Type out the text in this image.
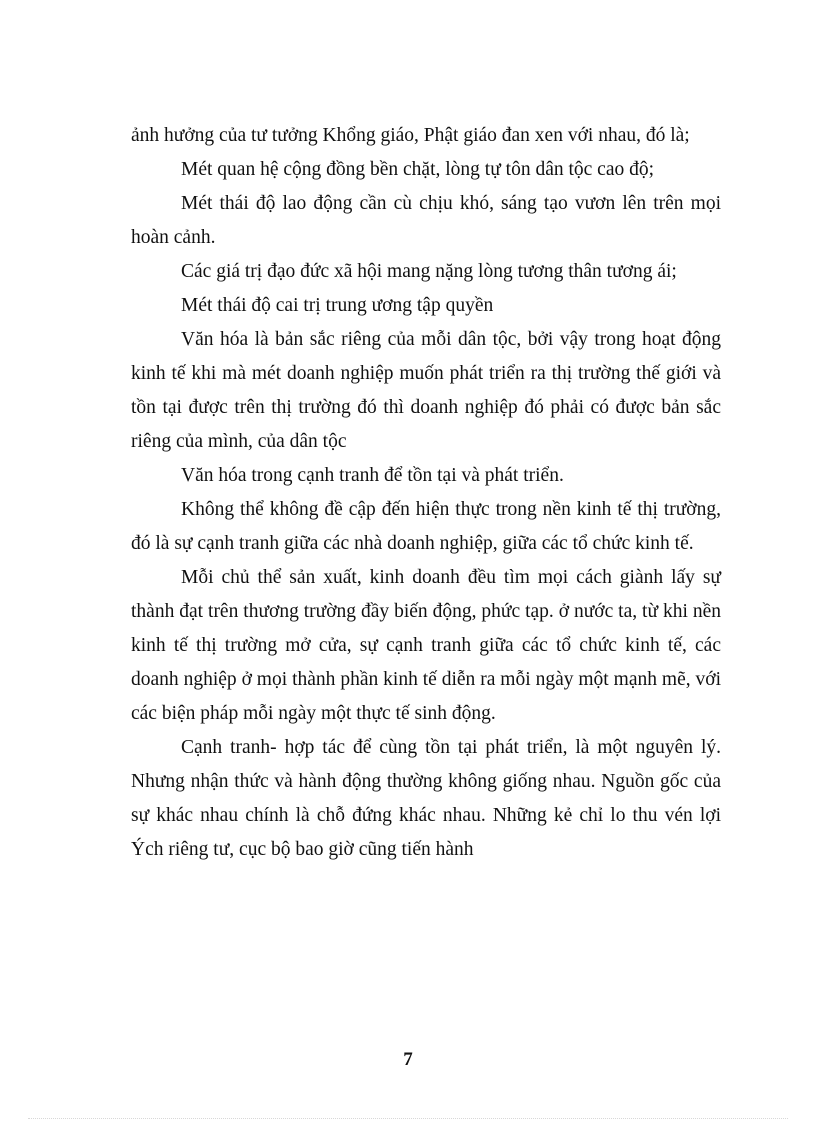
ảnh hưởng của tư tưởng Khổng giáo, Phật giáo đan xen với nhau, đó là;

Mét quan hệ cộng đồng bền chặt, lòng tự tôn dân tộc cao độ;

Mét thái độ lao động cần cù chịu khó, sáng tạo vươn lên trên mọi hoàn cảnh.

Các giá trị đạo đức xã hội mang nặng lòng tương thân tương ái;

Mét thái độ cai trị trung ương tập quyền

Văn hóa là bản sắc riêng của mỗi dân tộc, bởi vậy trong hoạt động kinh tế khi mà mét doanh nghiệp muốn phát triển ra thị trường thế giới và tồn tại được trên thị trường đó thì doanh nghiệp đó phải có được bản sắc riêng của mình, của dân tộc

Văn hóa trong cạnh tranh để tồn tại và phát triển.

Không thể không đề cập đến hiện thực trong nền kinh tế thị trường, đó là sự cạnh tranh giữa các nhà doanh nghiệp, giữa các tổ chức kinh tế.

Mỗi chủ thể sản xuất, kinh doanh đều tìm mọi cách giành lấy sự thành đạt trên thương trường đầy biến động, phức tạp. ở nước ta, từ khi nền kinh tế thị trường mở cửa, sự cạnh tranh giữa các tổ chức kinh tế, các doanh nghiệp ở mọi thành phần kinh tế diễn ra mỗi ngày một mạnh mẽ, với các biện pháp mỗi ngày một thực tế sinh động.

Cạnh tranh- hợp tác để cùng tồn tại phát triển, là một nguyên lý. Nhưng nhận thức và hành động thường không giống nhau. Nguồn gốc của sự khác nhau chính là chỗ đứng khác nhau. Những kẻ chỉ lo thu vén lợi Ých riêng tư, cục bộ bao giờ cũng tiến hành

7
